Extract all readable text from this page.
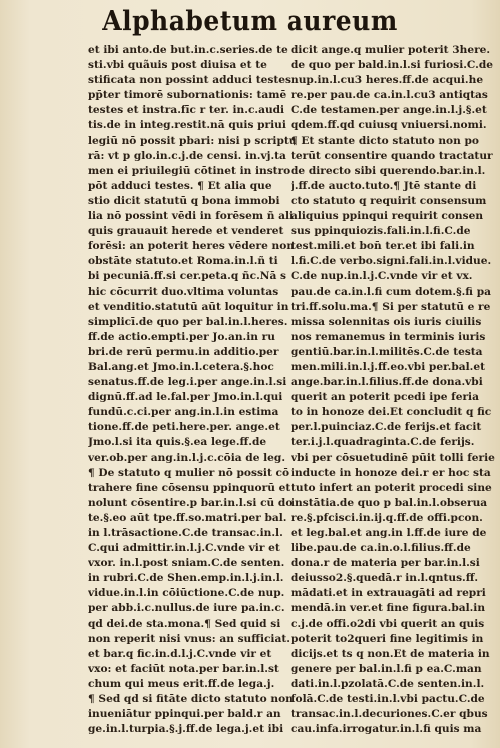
Alphabetum aureum
et ibi anto.de but.in.c.series.de te
sti.vbi quãuis post diuisa et te
stificata non possint adduci testes
pp̄ter timorē subornationis: tamē
testes et instra.fīc r ter. in.c.audi
tis.de in integ.restit.nā quis priui
legiū nō possit pbari: nisi p scriptu
rā: vt p glo.in.c.j.de censi. in.vj.ta
men ei priuilegiū cōtinet in instro
pōt adduci testes. ¶ Et alia que
stio dicit statutū q bona immobi
lia nō possint vēdi in forēsem ñ ali
quis grauauit herede et venderet
forēsi: an poterit heres vēdere non
obstāte statuto.et Roma.in.l.ñ ti
bi pecuniā.ff.si cer.peta.q ñc.Nā s
hic cōcurrit duo.vltima voluntas
et venditio.statutū aūt loquitur in
simplicī.de quo per bal.in.l.heres.
ff.de actio.empti.per Jo.an.in ru
bri.de rerū permu.in additio.per
Bal.ang.et Jmo.in.l.cetera.§.hoc
senatus.ff.de leg.i.per ange.in.l.si
dignū.ff.ad le.fal.per Jmo.in.l.qui
fundū.c.ci.per ang.in.l.in estima
tione.ff.de peti.here.per. ange.et
Jmo.l.si ita quis.§.ea lege.ff.de
ver.ob.per ang.in.l.j.c.cōia de leg.
¶ De statuto q mulier nō possit cō
trahere fine cōsensu ppinquorū et
nolunt cōsentire.p bar.in.l.si cū do
te.§.eo aūt tpe.ff.so.matri.per bal.
in l.trāsactione.C.de transac.in.l.
C.qui admittir.in.l.j.C.vnde vir et
vxor. in.l.post sniam.C.de senten.
in rubri.C.de Shen.emp.in.l.j.in.l.
vidue.in.l.in cōiūctione.C.de nup.
per abb.i.c.nullus.de iure pa.in.c.
qd dei.de sta.mona.¶ Sed quid si
non reperit nisi vnus: an sufficiat.
et bar.q fic.in.d.l.j.C.vnde vir et
vxo: et faciūt nota.per bar.in.l.st
chum qui meus erit.ff.de lega.j.
¶ Sed qd si fitāte dicto statuto non
inueniātur ppinqui.per bald.r an
ge.in.l.turpia.§.j.ff.de lega.j.et ibi
dicit ange.q mulier poterit 3here.
de quo per bald.in.l.si furiosi.C.de
nup.in.l.cu3 heres.ff.de acqui.he
re.per pau.de ca.in.l.cu3 antiqtas
C.de testamen.per ange.in.l.j.§.et
qdem.ff.qd cuiusq vniuersi.nomi.
¶ Et stante dicto statuto non po
terūt consentire quando tractatur
de directo sibi querendo.bar.in.l.
j.ff.de aucto.tuto.¶ Jtē stante di
cto statuto q requirit consensum
aliquius ppinqui requirit consen
sus ppinquiozis.fali.in.l.fi.C.de
test.mili.et bon̄ ter.et ibi fali.in
l.fi.C.de verbo.signi.fali.in.l.vidue.
C.de nup.in.l.j.C.vnde vir et vx.
pau.de ca.in.l.fi cum dotem.§.fi pa
tri.ff.solu.ma.¶ Si per statutū e re
missa solennitas ois iuris ciuilis
nos remanemus in terminis iuris
gentiū.bar.in.l.militēs.C.de testa
men.mili.in.l.j.ff.eo.vbi per.bal.et
ange.bar.in.l.filius.ff.de dona.vbi
querit an poterit pcedi ipe feria
to in honoze dei.Et concludit q fic
per.l.puinciaz.C.de ferijs.et facit
ter.i.j.l.quadraginta.C.de ferijs.
vbi per cōsuetudinē pūit tolli ferie
inducte in honoze dei.r er hoc sta
tuto infert an poterit procedi sine
instātia.de quo p bal.in.l.obserua
re.§.pfcisci.in.ij.q.ff.de offi.pcon.
et leg.bal.et ang.in l.ff.de iure de
libe.pau.de ca.in.o.l.filius.ff.de
dona.r de materia per bar.in.l.si
deiusso2.§.quedā.r in.l.qntus.ff.
mādati.et in extrauagāti ad repri
mendā.in ver.et fine figura.bal.in
c.j.de offi.o2di vbi querit an quis
poterit to2queri fine legitimis in
dicijs.et ts q non.Et de materia in
genere per bal.in.l.fi p ea.C.man
dati.in.l.pzolatā.C.de senten.in.l.
folā.C.de testi.in.l.vbi pactu.C.de
transac.in.l.decuriones.C.er qbus
cau.infa.irrogatur.in.l.fi quis ma
